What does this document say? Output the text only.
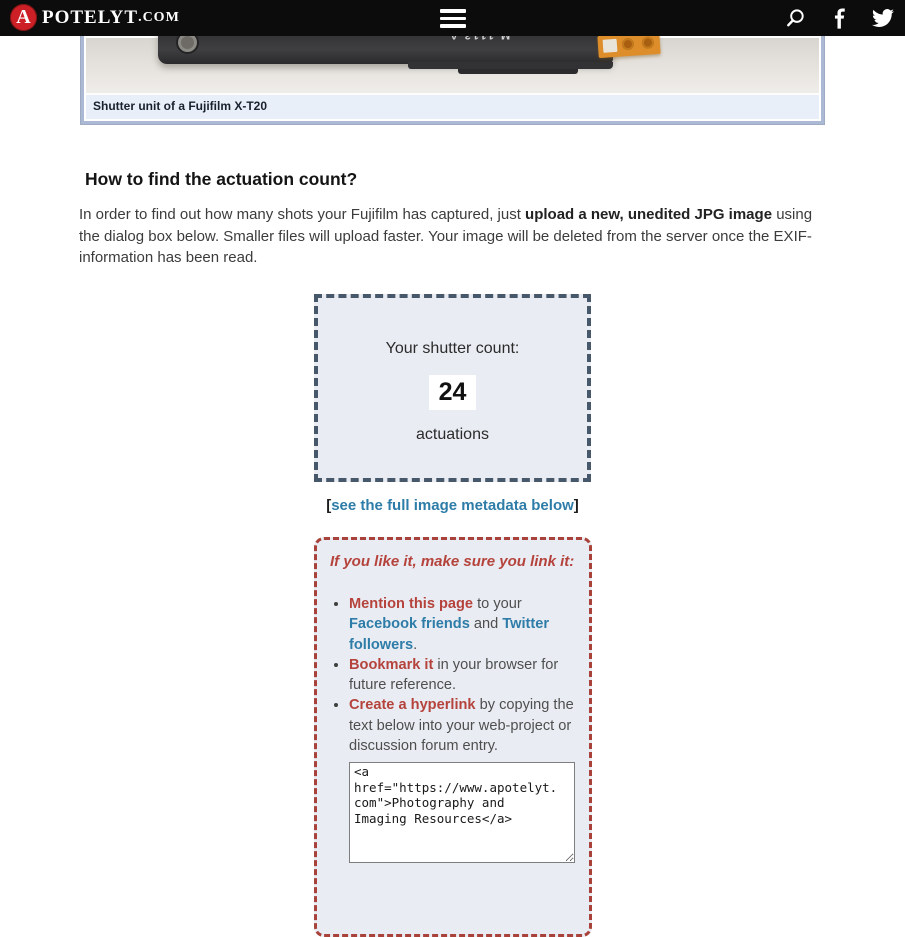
A POTELYT .COM
Shutter unit of a Fujifilm X-T20
How to find the actuation count?

In order to find out how many shots your Fujifilm has captured, just upload a new, unedited JPG image using the dialog box below. Smaller files will upload faster. Your image will be deleted from the server once the EXIF-information has been read.

Your shutter count:
24
actuations
[see the full image metadata below]
If you like it, make sure you link it:
• Mention this page to your Facebook friends and Twitter followers.
• Bookmark it in your browser for future reference.
• Create a hyperlink by copying the text below into your web-project or discussion forum entry.
<a href="https://www.apotelyt. com">Photography and Imaging Resources</a>
